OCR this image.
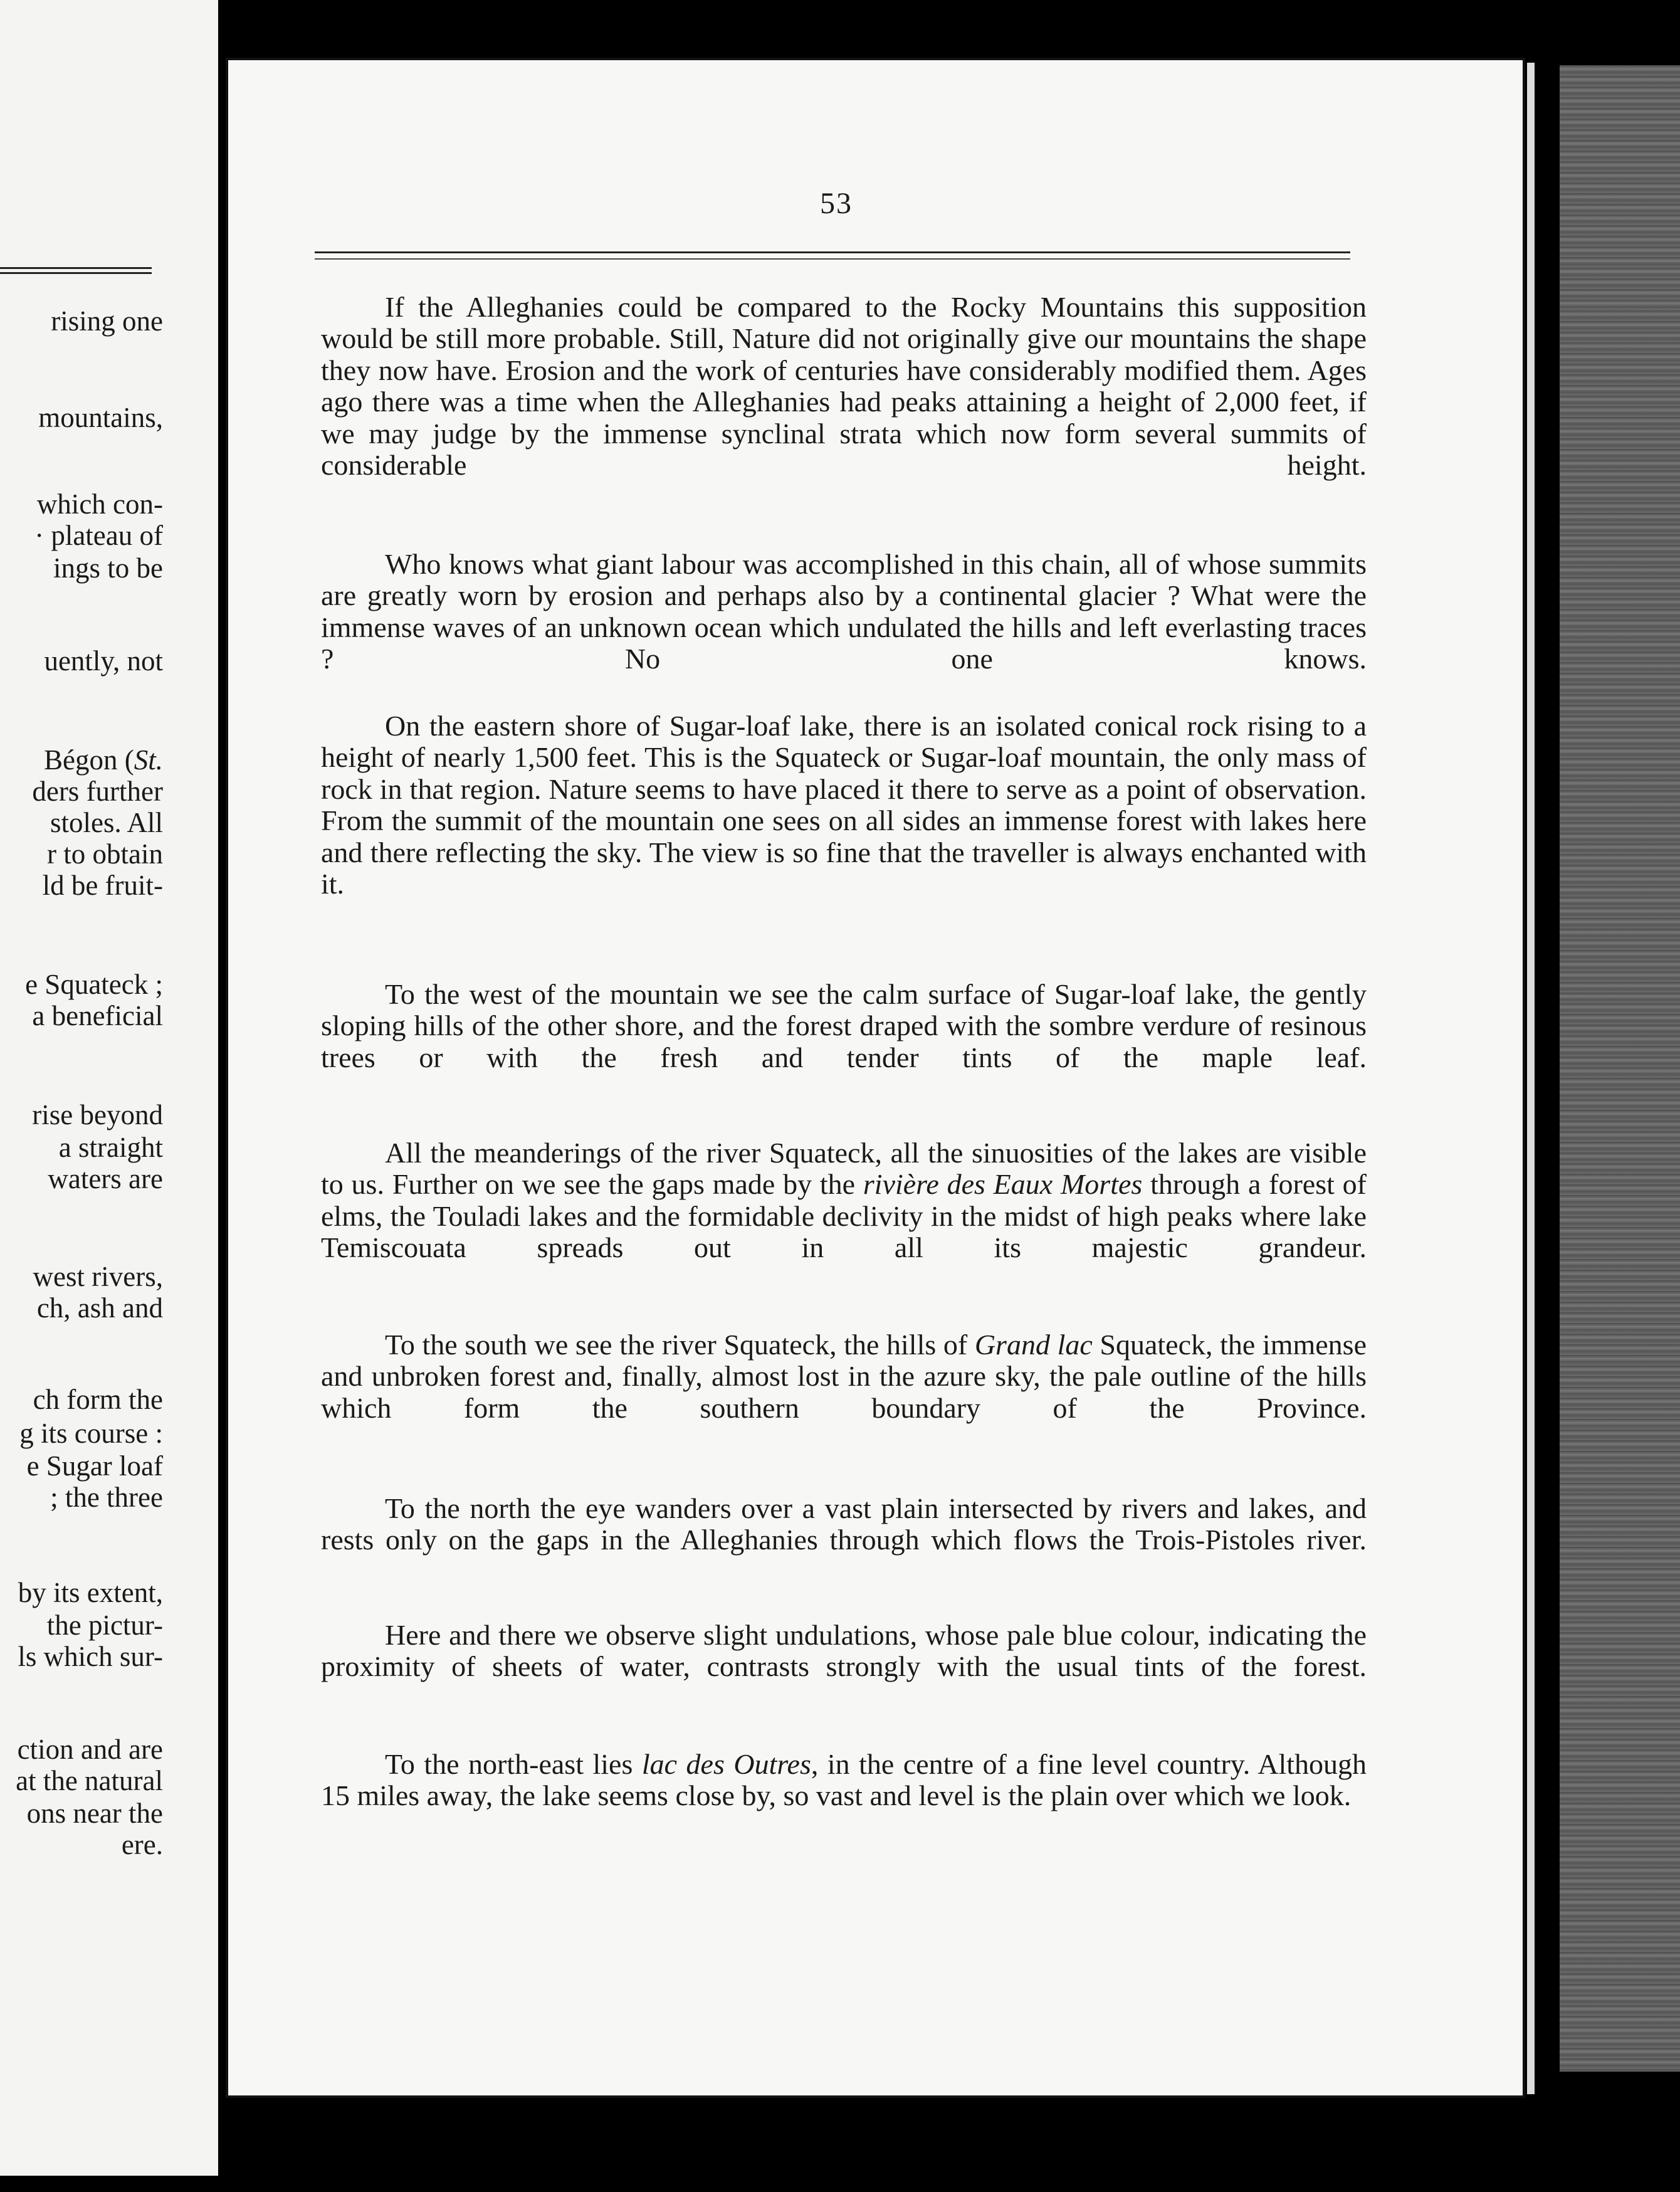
rising one
mountains,
which con-
· plateau of
ings to be
uently, not
Bégon (St.
ders further
stoles. All
r to obtain
ld be fruit-
e Squateck ;
a beneficial
rise beyond
a straight
waters are
west rivers,
ch, ash and
ch form the
g its course :
e Sugar loaf
; the three
by its extent,
the pictur-
ls which sur-
ction and are
at the natural
ons near the
ere.
53

If the Alleghanies could be compared to the Rocky Mountains this supposition would be still more probable. Still, Nature did not originally give our mountains the shape they now have. Erosion and the work of centuries have considerably modified them. Ages ago there was a time when the Alleghanies had peaks attaining a height of 2,000 feet, if we may judge by the immense synclinal strata which now form several summits of considerable height.

Who knows what giant labour was accomplished in this chain, all of whose summits are greatly worn by erosion and perhaps also by a continental glacier ? What were the immense waves of an unknown ocean which undulated the hills and left everlasting traces ? No one knows.

On the eastern shore of Sugar-loaf lake, there is an isolated conical rock rising to a height of nearly 1,500 feet. This is the Squateck or Sugar-loaf mountain, the only mass of rock in that region. Nature seems to have placed it there to serve as a point of observation. From the summit of the mountain one sees on all sides an immense forest with lakes here and there reflecting the sky. The view is so fine that the traveller is always enchanted with it.

To the west of the mountain we see the calm surface of Sugar-loaf lake, the gently sloping hills of the other shore, and the forest draped with the sombre verdure of resinous trees or with the fresh and tender tints of the maple leaf.

All the meanderings of the river Squateck, all the sinuosities of the lakes are visible to us. Further on we see the gaps made by the rivière des Eaux Mortes through a forest of elms, the Touladi lakes and the formidable declivity in the midst of high peaks where lake Temiscouata spreads out in all its majestic grandeur.

To the south we see the river Squateck, the hills of Grand lac Squateck, the immense and unbroken forest and, finally, almost lost in the azure sky, the pale outline of the hills which form the southern boundary of the Province.

To the north the eye wanders over a vast plain intersected by rivers and lakes, and rests only on the gaps in the Alleghanies through which flows the Trois-Pistoles river.

Here and there we observe slight undulations, whose pale blue colour, indicating the proximity of sheets of water, contrasts strongly with the usual tints of the forest.

To the north-east lies lac des Outres, in the centre of a fine level country. Although 15 miles away, the lake seems close by, so vast and level is the plain over which we look.
